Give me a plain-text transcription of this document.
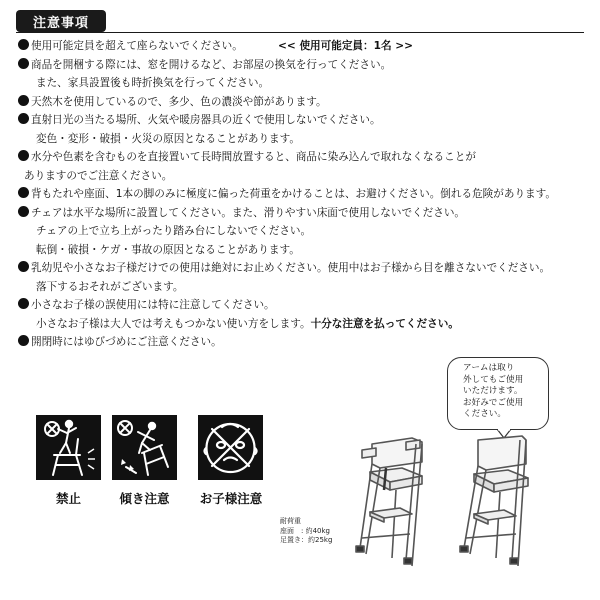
注意事項
使用可能定員を超えて座らないでください。	<< 使用可能定員：1名 >>
商品を開梱する際には、窓を開けるなど、お部屋の換気を行ってください。
また、家具設置後も時折換気を行ってください。
天然木を使用しているので、多少、色の濃淡や節があります。
直射日光の当たる場所、火気や暖房器具の近くで使用しないでください。
変色・変形・破損・火災の原因となることがあります。
水分や色素を含むものを直接置いて長時間放置すると、商品に染み込んで取れなくなることが
ありますのでご注意ください。
背もたれや座面、1本の脚のみに極度に偏った荷重をかけることは、お避けください。倒れる危険があります。
チェアは水平な場所に設置してください。また、滑りやすい床面で使用しないでください。
チェアの上で立ち上がったり踏み台にしないでください。
転倒・破損・ケガ・事故の原因となることがあります。
乳幼児や小さなお子様だけでの使用は絶対にお止めください。使用中はお子様から目を離さないでください。
落下するおそれがございます。
小さなお子様の誤使用には特に注意してください。
小さなお子様は大人では考えもつかない使い方をします。十分な注意を払ってください。
開閉時にはゆびづめにご注意ください。
禁止	傾き注意	お子様注意
耐荷重
座面　: 約40kg
足置き：約25kg
アームは取り
外してもご使用
いただけます。
お好みでご使用
ください。
